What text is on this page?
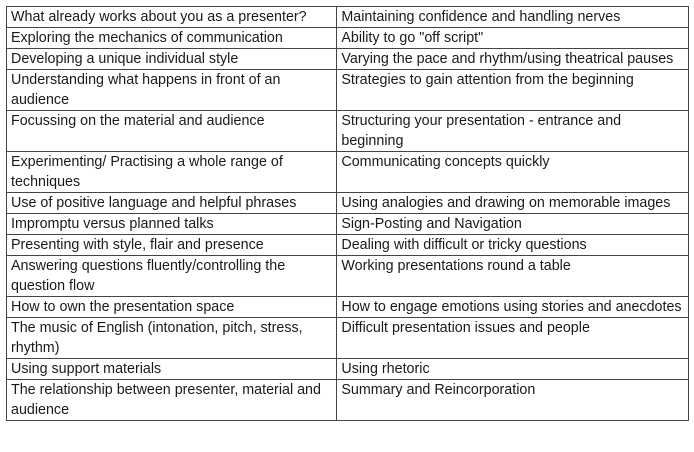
What already works about you as a presenter?	Maintaining confidence and handling nerves
Exploring the mechanics of communication	Ability to go "off script"
Developing a unique individual style	Varying the pace and rhythm/using theatrical pauses
Understanding what happens in front of an audience	Strategies to gain attention from the beginning
Focussing on the material and audience	Structuring your presentation - entrance and beginning
Experimenting/ Practising a whole range of techniques	Communicating concepts quickly
Use of positive language and helpful phrases	Using analogies and drawing on memorable images
Impromptu versus planned talks	Sign-Posting and Navigation
Presenting with style, flair and presence	Dealing with difficult or tricky questions
Answering questions fluently/controlling the question flow	Working presentations round a table
How to own the presentation space	How to engage emotions using stories and anecdotes
The music of English (intonation, pitch, stress, rhythm)	Difficult presentation issues and people
Using support materials	Using rhetoric
The relationship between presenter, material and audience	Summary and Reincorporation
